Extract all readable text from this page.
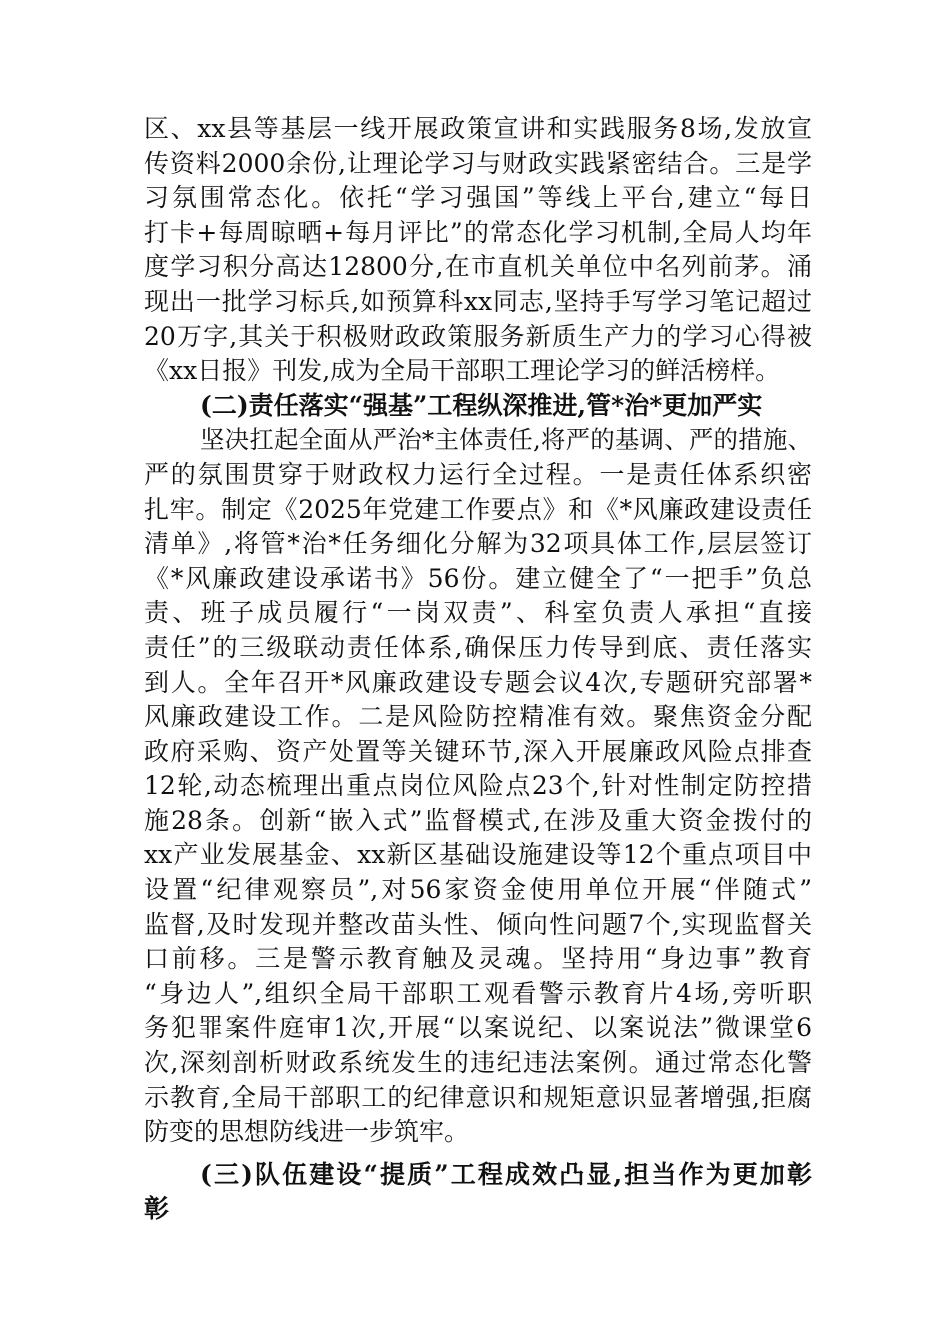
区、xx县等基层一线开展政策宣讲和实践服务8场,发放宣
传资料2000余份,让理论学习与财政实践紧密结合。三是学
习氛围常态化。依托“学习强国”等线上平台,建立“每日
打卡+每周晾晒+每月评比”的常态化学习机制,全局人均年
度学习积分高达12800分,在市直机关单位中名列前茅。涌
现出一批学习标兵,如预算科xx同志,坚持手写学习笔记超过
20万字,其关于积极财政政策服务新质生产力的学习心得被
《xx日报》刊发,成为全局干部职工理论学习的鲜活榜样。
(二)责任落实“强基”工程纵深推进,管*治*更加严实
坚决扛起全面从严治*主体责任,将严的基调、严的措施、
严的氛围贯穿于财政权力运行全过程。一是责任体系织密
扎牢。制定《2025年党建工作要点》和《*风廉政建设责任
清单》,将管*治*任务细化分解为32项具体工作,层层签订
《*风廉政建设承诺书》56份。建立健全了“一把手”负总
责、班子成员履行“一岗双责”、科室负责人承担“直接
责任”的三级联动责任体系,确保压力传导到底、责任落实
到人。全年召开*风廉政建设专题会议4次,专题研究部署*
风廉政建设工作。二是风险防控精准有效。聚焦资金分配
政府采购、资产处置等关键环节,深入开展廉政风险点排查
12轮,动态梳理出重点岗位风险点23个,针对性制定防控措
施28条。创新“嵌入式”监督模式,在涉及重大资金拨付的
xx产业发展基金、xx新区基础设施建设等12个重点项目中
设置“纪律观察员”,对56家资金使用单位开展“伴随式”
监督,及时发现并整改苗头性、倾向性问题7个,实现监督关
口前移。三是警示教育触及灵魂。坚持用“身边事”教育
“身边人”,组织全局干部职工观看警示教育片4场,旁听职
务犯罪案件庭审1次,开展“以案说纪、以案说法”微课堂6
次,深刻剖析财政系统发生的违纪违法案例。通过常态化警
示教育,全局干部职工的纪律意识和规矩意识显著增强,拒腐
防变的思想防线进一步筑牢。
(三)队伍建设“提质”工程成效凸显,担当作为更加彰
彰
